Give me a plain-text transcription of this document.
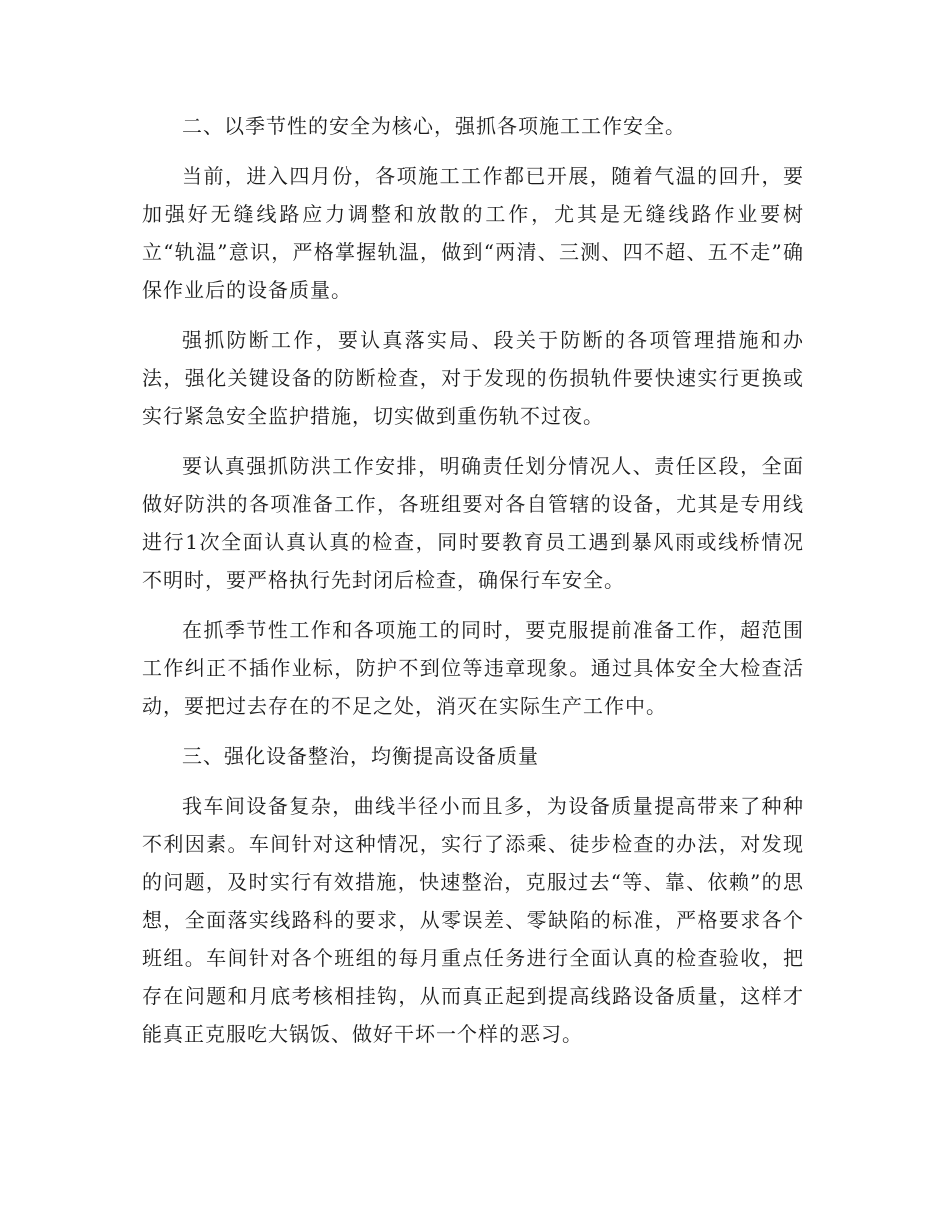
二、以季节性的安全为核心，强抓各项施工工作安全。

当前，进入四月份，各项施工工作都已开展，随着气温的回升，要加强好无缝线路应力调整和放散的工作，尤其是无缝线路作业要树立“轨温”意识，严格掌握轨温，做到“两清、三测、四不超、五不走”确保作业后的设备质量。

强抓防断工作，要认真落实局、段关于防断的各项管理措施和办法，强化关键设备的防断检查，对于发现的伤损轨件要快速实行更换或实行紧急安全监护措施，切实做到重伤轨不过夜。

要认真强抓防洪工作安排，明确责任划分情况人、责任区段，全面做好防洪的各项准备工作，各班组要对各自管辖的设备，尤其是专用线进行1次全面认真认真的检查，同时要教育员工遇到暴风雨或线桥情况不明时，要严格执行先封闭后检查，确保行车安全。

在抓季节性工作和各项施工的同时，要克服提前准备工作，超范围工作纠正不插作业标，防护不到位等违章现象。通过具体安全大检查活动，要把过去存在的不足之处，消灭在实际生产工作中。

三、强化设备整治，均衡提高设备质量

我车间设备复杂，曲线半径小而且多，为设备质量提高带来了种种不利因素。车间针对这种情况，实行了添乘、徒步检查的办法，对发现的问题，及时实行有效措施，快速整治，克服过去“等、靠、依赖”的思想，全面落实线路科的要求，从零误差、零缺陷的标准，严格要求各个班组。车间针对各个班组的每月重点任务进行全面认真的检查验收，把存在问题和月底考核相挂钩，从而真正起到提高线路设备质量，这样才能真正克服吃大锅饭、做好干坏一个样的恶习。
